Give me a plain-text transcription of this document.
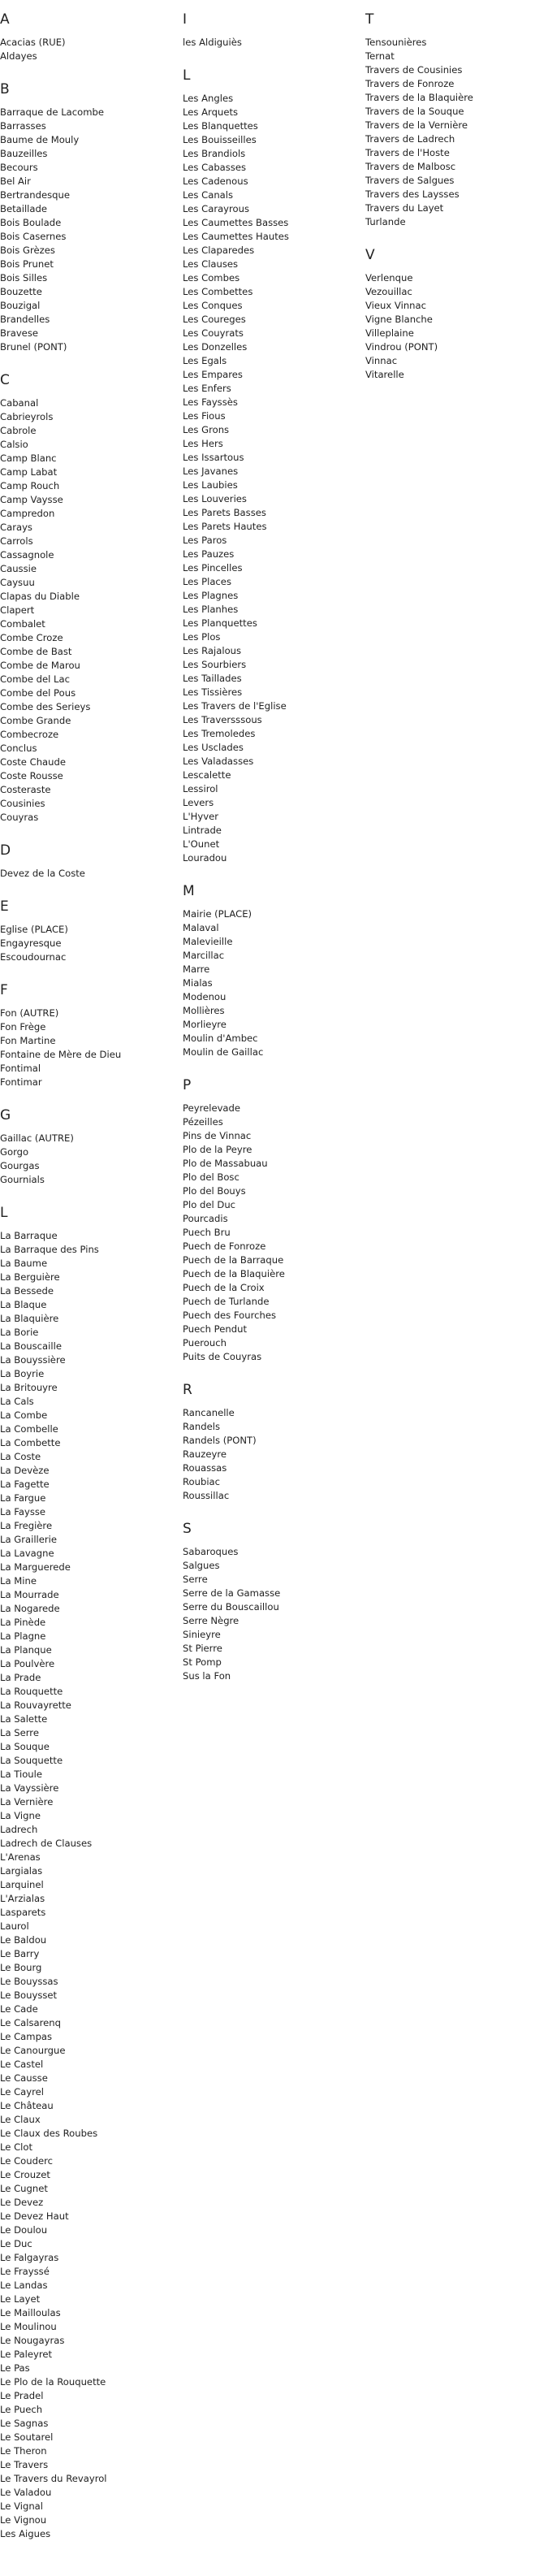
A
Acacias (RUE)
Aldayes
B
Barraque de Lacombe
Barrasses
Baume de Mouly
Bauzeilles
Becours
Bel Air
Bertrandesque
Betaillade
Bois Boulade
Bois Casernes
Bois Grèzes
Bois Prunet
Bois Silles
Bouzette
Bouzigal
Brandelles
Bravese
Brunel (PONT)
C
Cabanal
Cabrieyrols
Cabrole
Calsio
Camp Blanc
Camp Labat
Camp Rouch
Camp Vaysse
Campredon
Carays
Carrols
Cassagnole
Caussie
Caysuu
Clapas du Diable
Clapert
Combalet
Combe Croze
Combe de Bast
Combe de Marou
Combe del Lac
Combe del Pous
Combe des Serieys
Combe Grande
Combecroze
Conclus
Coste Chaude
Coste Rousse
Costeraste
Cousinies
Couyras
D
Devez de la Coste
E
Eglise (PLACE)
Engayresque
Escoudournac
F
Fon (AUTRE)
Fon Frège
Fon Martine
Fontaine de Mère de Dieu
Fontimal
Fontimar
G
Gaillac (AUTRE)
Gorgo
Gourgas
Gournials
L
La Barraque
La Barraque des Pins
La Baume
La Berguière
La Bessede
La Blaque
La Blaquière
La Borie
La Bouscaille
La Bouyssière
La Boyrie
La Britouyre
La Cals
La Combe
La Combelle
La Combette
La Coste
La Devèze
La Fagette
La Fargue
La Faysse
La Fregière
La Graillerie
La Lavagne
La Marguerede
La Mine
La Mourrade
La Nogarede
La Pinède
La Plagne
La Planque
La Poulvère
La Prade
La Rouquette
La Rouvayrette
La Salette
La Serre
La Souque
La Souquette
La Tioule
La Vayssière
La Vernière
La Vigne
Ladrech
Ladrech de Clauses
L'Arenas
Largialas
Larquinel
L'Arzialas
Lasparets
Laurol
Le Baldou
Le Barry
Le Bourg
Le Bouyssas
Le Bouysset
Le Cade
Le Calsarenq
Le Campas
Le Canourgue
Le Castel
Le Causse
Le Cayrel
Le Château
Le Claux
Le Claux des Roubes
Le Clot
Le Couderc
Le Crouzet
Le Cugnet
Le Devez
Le Devez Haut
Le Doulou
Le Duc
Le Falgayras
Le Frayssé
Le Landas
Le Layet
Le Mailloulas
Le Moulinou
Le Nougayras
Le Paleyret
Le Pas
Le Plo de la Rouquette
Le Pradel
Le Puech
Le Sagnas
Le Soutarel
Le Theron
Le Travers
Le Travers du Revayrol
Le Valadou
Le Vignal
Le Vignou
Les Aigues
I
les Aldiguiès
L
Les Angles
Les Arquets
Les Blanquettes
Les Bouisseilles
Les Brandiols
Les Cabasses
Les Cadenous
Les Canals
Les Carayrous
Les Caumettes Basses
Les Caumettes Hautes
Les Claparedes
Les Clauses
Les Combes
Les Combettes
Les Conques
Les Coureges
Les Couyrats
Les Donzelles
Les Egals
Les Empares
Les Enfers
Les Fayssès
Les Fious
Les Grons
Les Hers
Les Issartous
Les Javanes
Les Laubies
Les Louveries
Les Parets Basses
Les Parets Hautes
Les Paros
Les Pauzes
Les Pincelles
Les Places
Les Plagnes
Les Planhes
Les Planquettes
Les Plos
Les Rajalous
Les Sourbiers
Les Taillades
Les Tissières
Les Travers de l'Eglise
Les Traversssous
Les Tremoledes
Les Usclades
Les Valadasses
Lescalette
Lessirol
Levers
L'Hyver
Lintrade
L'Ounet
Louradou
M
Mairie (PLACE)
Malaval
Malevieille
Marcillac
Marre
Mialas
Modenou
Mollières
Morlieyre
Moulin d'Ambec
Moulin de Gaillac
P
Peyrelevade
Pézeilles
Pins de Vinnac
Plo de la Peyre
Plo de Massabuau
Plo del Bosc
Plo del Bouys
Plo del Duc
Pourcadis
Puech Bru
Puech de Fonroze
Puech de la Barraque
Puech de la Blaquière
Puech de la Croix
Puech de Turlande
Puech des Fourches
Puech Pendut
Puerouch
Puits de Couyras
R
Rancanelle
Randels
Randels (PONT)
Rauzeyre
Rouassas
Roubiac
Roussillac
S
Sabaroques
Salgues
Serre
Serre de la Gamasse
Serre du Bouscaillou
Serre Nègre
Sinieyre
St Pierre
St Pomp
Sus la Fon
T
Tensounières
Ternat
Travers de Cousinies
Travers de Fonroze
Travers de la Blaquière
Travers de la Souque
Travers de la Vernière
Travers de Ladrech
Travers de l'Hoste
Travers de Malbosc
Travers de Salgues
Travers des Laysses
Travers du Layet
Turlande
V
Verlenque
Vezouillac
Vieux Vinnac
Vigne Blanche
Villeplaine
Vindrou (PONT)
Vinnac
Vitarelle
